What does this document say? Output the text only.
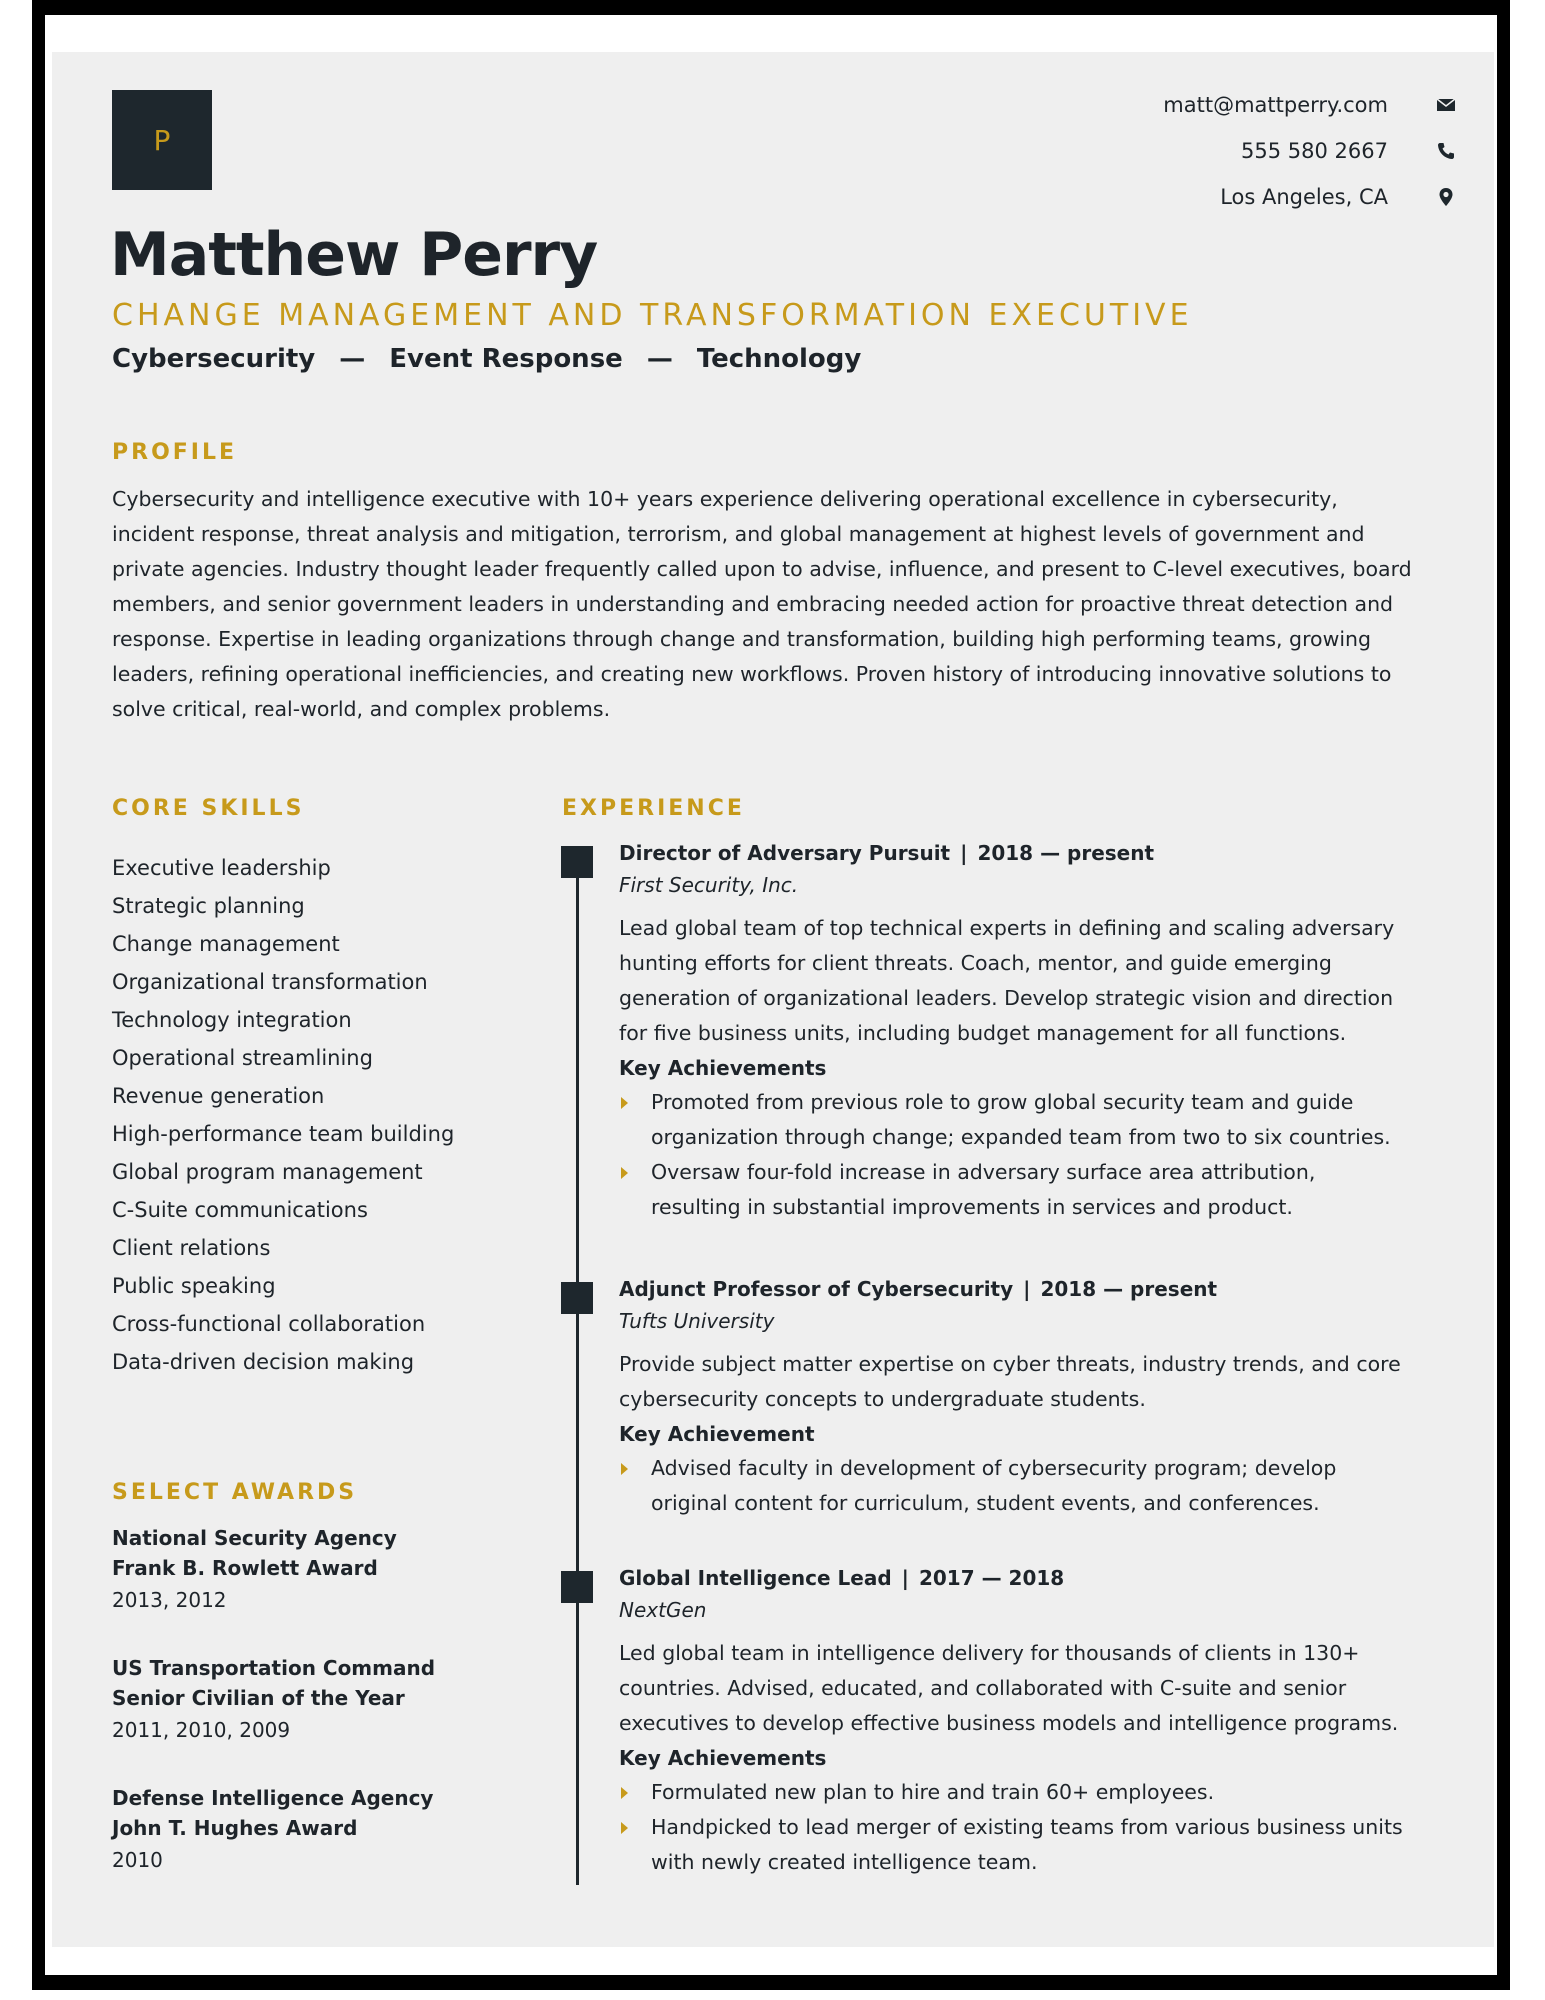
P
matt@mattperry.com
555 580 2667
Los Angeles, CA
Matthew Perry
CHANGE MANAGEMENT AND TRANSFORMATION EXECUTIVE
Cybersecurity — Event Response — Technology
PROFILE
Cybersecurity and intelligence executive with 10+ years experience delivering operational excellence in cybersecurity, incident response, threat analysis and mitigation, terrorism, and global management at highest levels of government and private agencies. Industry thought leader frequently called upon to advise, influence, and present to C-level executives, board members, and senior government leaders in understanding and embracing needed action for proactive threat detection and response. Expertise in leading organizations through change and transformation, building high performing teams, growing leaders, refining operational inefficiencies, and creating new workflows. Proven history of introducing innovative solutions to solve critical, real-world, and complex problems.
CORE SKILLS
Executive leadership
Strategic planning
Change management
Organizational transformation
Technology integration
Operational streamlining
Revenue generation
High-performance team building
Global program management
C-Suite communications
Client relations
Public speaking
Cross-functional collaboration
Data-driven decision making
SELECT AWARDS
National Security Agency
Frank B. Rowlett Award
2013, 2012
US Transportation Command
Senior Civilian of the Year
2011, 2010, 2009
Defense Intelligence Agency
John T. Hughes Award
2010
EXPERIENCE
Director of Adversary Pursuit | 2018 — present
First Security, Inc.
Lead global team of top technical experts in defining and scaling adversary hunting efforts for client threats. Coach, mentor, and guide emerging generation of organizational leaders. Develop strategic vision and direction for five business units, including budget management for all functions.
Key Achievements
Promoted from previous role to grow global security team and guide organization through change; expanded team from two to six countries.
Oversaw four-fold increase in adversary surface area attribution, resulting in substantial improvements in services and product.
Adjunct Professor of Cybersecurity | 2018 — present
Tufts University
Provide subject matter expertise on cyber threats, industry trends, and core cybersecurity concepts to undergraduate students.
Key Achievement
Advised faculty in development of cybersecurity program; develop original content for curriculum, student events, and conferences.
Global Intelligence Lead | 2017 — 2018
NextGen
Led global team in intelligence delivery for thousands of clients in 130+ countries. Advised, educated, and collaborated with C-suite and senior executives to develop effective business models and intelligence programs.
Key Achievements
Formulated new plan to hire and train 60+ employees.
Handpicked to lead merger of existing teams from various business units with newly created intelligence team.
